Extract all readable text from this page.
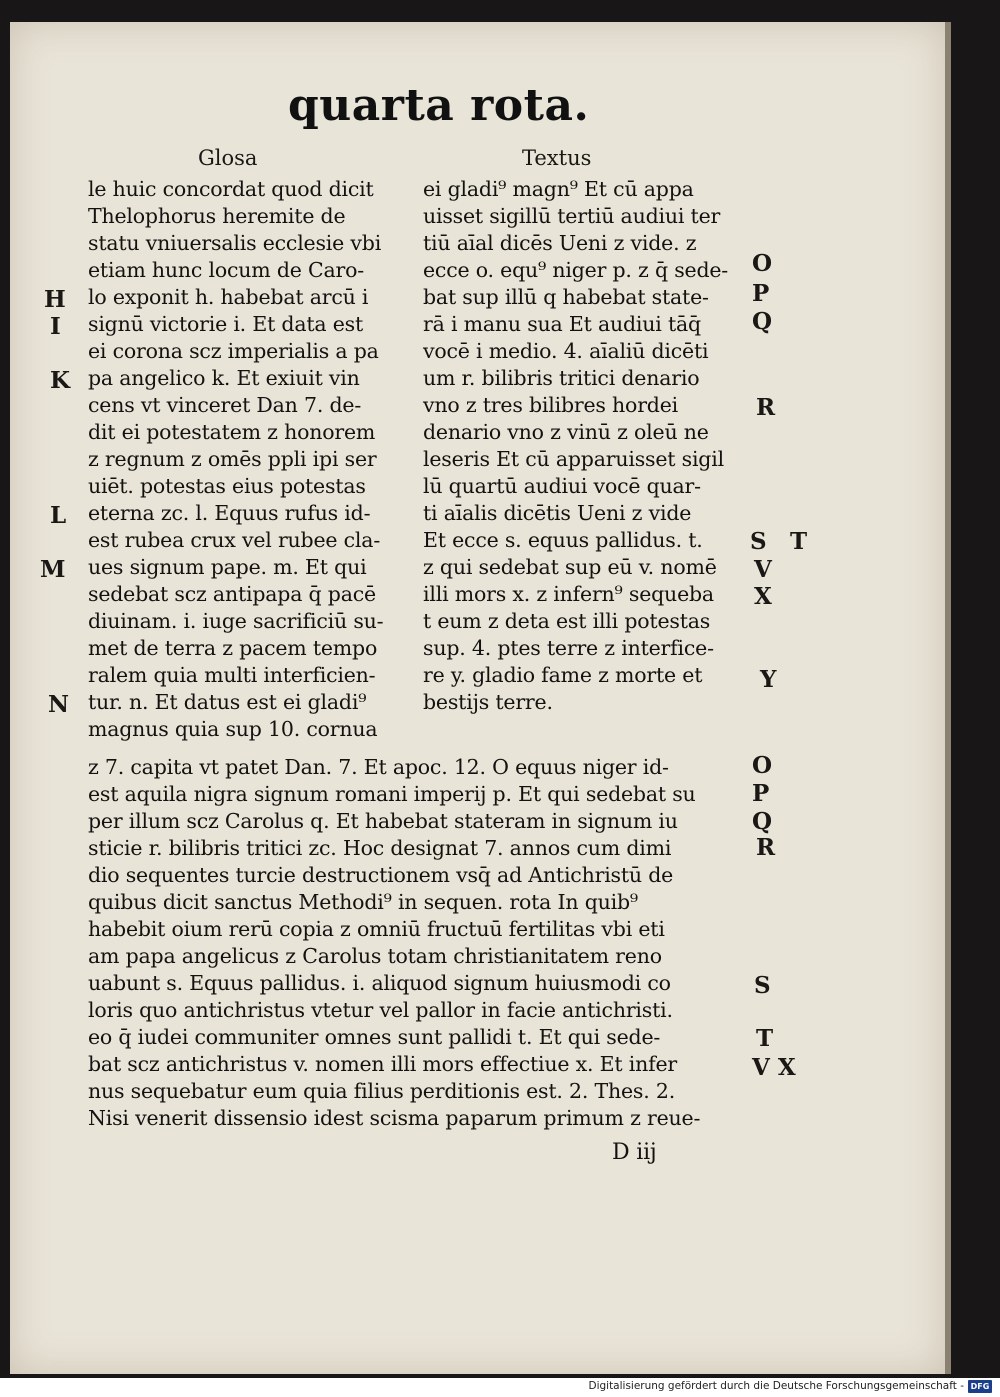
quarta rota.
Glosa	Textus
le huic concordat quod dicit
Thelophorus heremite de
statu vniuersalis ecclesie vbi
etiam hunc locum de Caro-
lo exponit h. habebat arcū i
signū victorie i. Et data est
ei corona scz imperialis a pa
pa angelico k. Et exiuit vin
cens vt vinceret Dan 7. de-
dit ei potestatem z honorem
z regnum z omēs ppli ipi ser
uiēt. potestas eius potestas
eterna zc. l. Equus rufus id-
est rubea crux vel rubee cla-
ues signum pape. m. Et qui
sedebat scz antipapa q̄ pacē
diuinam. i. iuge sacrificiū su-
met de terra z pacem tempo
ralem quia multi interficien-
tur. n. Et datus est ei gladi⁹
magnus quia sup 10. cornua
ei gladi⁹ magn⁹ Et cū appa
uisset sigillū tertiū audiui ter
tiū aīal dicēs Ueni z vide. z
ecce o. equ⁹ niger p. z q̄ sede-
bat sup illū q habebat state-
rā i manu sua Et audiui tāq̄
vocē i medio. 4. aīaliū dicēti
um r. bilibris tritici denario
vno z tres bilibres hordei
denario vno z vinū z oleū ne
leseris Et cū apparuisset sigil
lū quartū audiui vocē quar-
ti aīalis dicētis Ueni z vide
Et ecce s. equus pallidus. t.
z qui sedebat sup eū v. nomē
illi mors x. z infern⁹ sequeba
t eum z deta est illi potestas
sup. 4. ptes terre z interfice-
re y. gladio fame z morte et
bestijs terre.
z 7. capita vt patet Dan. 7. Et apoc. 12. O equus niger id-
est aquila nigra signum romani imperij p. Et qui sedebat su
per illum scz Carolus q. Et habebat stateram in signum iu
sticie r. bilibris tritici zc. Hoc designat 7. annos cum dimi
dio sequentes turcie destructionem vsq̄ ad Antichristū de
quibus dicit sanctus Methodi⁹ in sequen. rota In quib⁹
habebit oium rerū copia z omniū fructuū fertilitas vbi eti
am papa angelicus z Carolus totam christianitatem reno
uabunt s. Equus pallidus. i. aliquod signum huiusmodi co
loris quo antichristus vtetur vel pallor in facie antichristi.
eo q̄ iudei communiter omnes sunt pallidi t. Et qui sede-
bat scz antichristus v. nomen illi mors effectiue x. Et infer
nus sequebatur eum quia filius perditionis est. 2. Thes. 2.
Nisi venerit dissensio idest scisma paparum primum z reue-
D iij
H
I
K
L
M
N
O
P
Q
R
S T
V
X
Y
O
P
Q
R
S
T
V X
Digitalisierung gefördert durch die Deutsche Forschungsgemeinschaft - DFG
